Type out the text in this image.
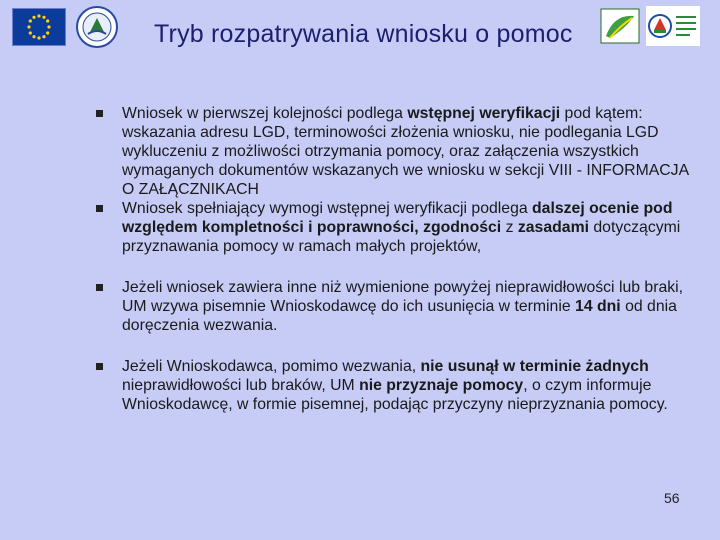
Tryb rozpatrywania wniosku o pomoc
Wniosek w pierwszej kolejności podlega wstępnej weryfikacji pod kątem: wskazania adresu LGD, terminowości złożenia wniosku, nie podlegania LGD wykluczeniu z możliwości otrzymania pomocy, oraz załączenia wszystkich wymaganych dokumentów wskazanych we wniosku w sekcji VIII - INFORMACJA O ZAŁĄCZNIKACH
Wniosek spełniający wymogi wstępnej weryfikacji podlega dalszej ocenie pod względem kompletności i poprawności, zgodności z zasadami dotyczącymi przyznawania pomocy w ramach małych projektów,
Jeżeli wniosek zawiera inne niż wymienione powyżej nieprawidłowości lub braki, UM wzywa pisemnie Wnioskodawcę do ich usunięcia w terminie 14 dni od dnia doręczenia wezwania.
Jeżeli Wnioskodawca, pomimo wezwania, nie usunął w terminie żadnych nieprawidłowości lub braków, UM nie przyznaje pomocy, o czym informuje Wnioskodawcę, w formie pisemnej, podając przyczyny nieprzyznania pomocy.
56
